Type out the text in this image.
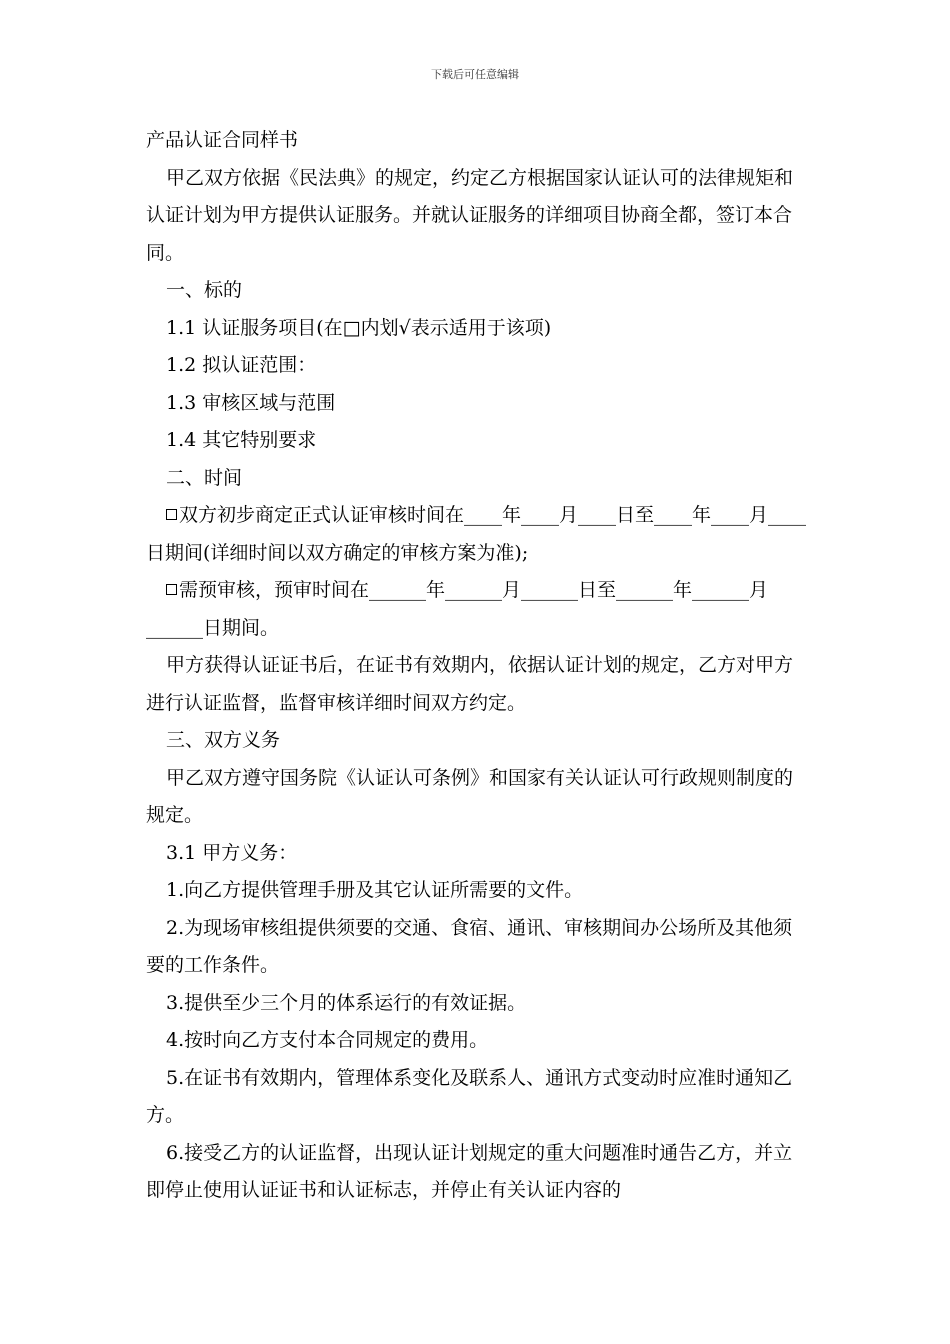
下载后可任意编辑

产品认证合同样书

甲乙双方依据《民法典》的规定，约定乙方根据国家认证认可的法律规矩和认证计划为甲方提供认证服务。并就认证服务的详细项目协商全都，签订本合同。

一、标的

1.1 认证服务项目(在□内划√表示适用于该项)

1.2 拟认证范围：

1.3 审核区域与范围

1.4 其它特别要求

二、时间

双方初步商定正式认证审核时间在____年____月____日至____年____月____日期间(详细时间以双方确定的审核方案为准);

需预审核，预审时间在______年______月______日至______年______月______日期间。

甲方获得认证证书后，在证书有效期内，依据认证计划的规定，乙方对甲方进行认证监督，监督审核详细时间双方约定。

三、双方义务

甲乙双方遵守国务院《认证认可条例》和国家有关认证认可行政规则制度的规定。

3.1 甲方义务：

1.向乙方提供管理手册及其它认证所需要的文件。

2.为现场审核组提供须要的交通、食宿、通讯、审核期间办公场所及其他须要的工作条件。

3.提供至少三个月的体系运行的有效证据。

4.按时向乙方支付本合同规定的费用。

5.在证书有效期内，管理体系变化及联系人、通讯方式变动时应准时通知乙方。

6.接受乙方的认证监督，出现认证计划规定的重大问题准时通告乙方，并立即停止使用认证证书和认证标志，并停止有关认证内容的
